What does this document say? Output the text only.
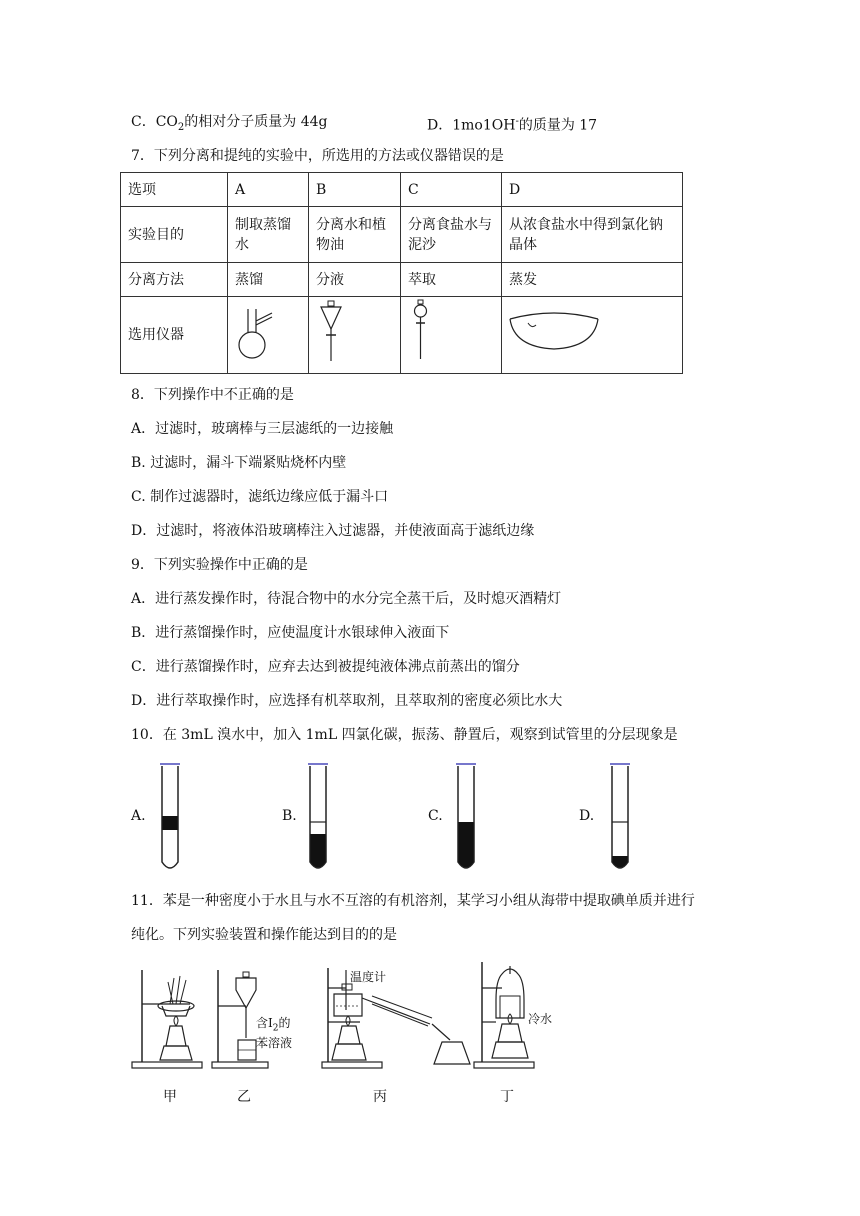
C．$CO_2$的相对分子质量为 44g	D．1mo1OH-的质量为 17
7．下列分离和提纯的实验中，所选用的方法或仪器错误的是
选项	A	B	C	D
实验目的	制取蒸馏水	分离水和植物油	分离食盐水与泥沙	从浓食盐水中得到氯化钠晶体
分离方法	蒸馏	分液	萃取	蒸发
选用仪器				
8．下列操作中不正确的是
A．过滤时，玻璃棒与三层滤纸的一边接触
B. 过滤时，漏斗下端紧贴烧杯内壁
C. 制作过滤器时，滤纸边缘应低于漏斗口
D．过滤时，将液体沿玻璃棒注入过滤器，并使液面高于滤纸边缘
9．下列实验操作中正确的是
A．进行蒸发操作时，待混合物中的水分完全蒸干后，及时熄灭酒精灯
B．进行蒸馏操作时，应使温度计水银球伸入液面下
C．进行蒸馏操作时，应弃去达到被提纯液体沸点前蒸出的馏分
D．进行萃取操作时，应选择有机萃取剂，且萃取剂的密度必须比水大
10．在 3mL 溴水中，加入 1mL 四氯化碳，振荡、静置后，观察到试管里的分层现象是
A.	B.	C.	D.
11．苯是一种密度小于水且与水不互溶的有机溶剂，某学习小组从海带中提取碘单质并进行
纯化。下列实验装置和操作能达到目的的是
含$I_2$的
苯溶液
温度计
冷水
甲	乙	丙	丁
